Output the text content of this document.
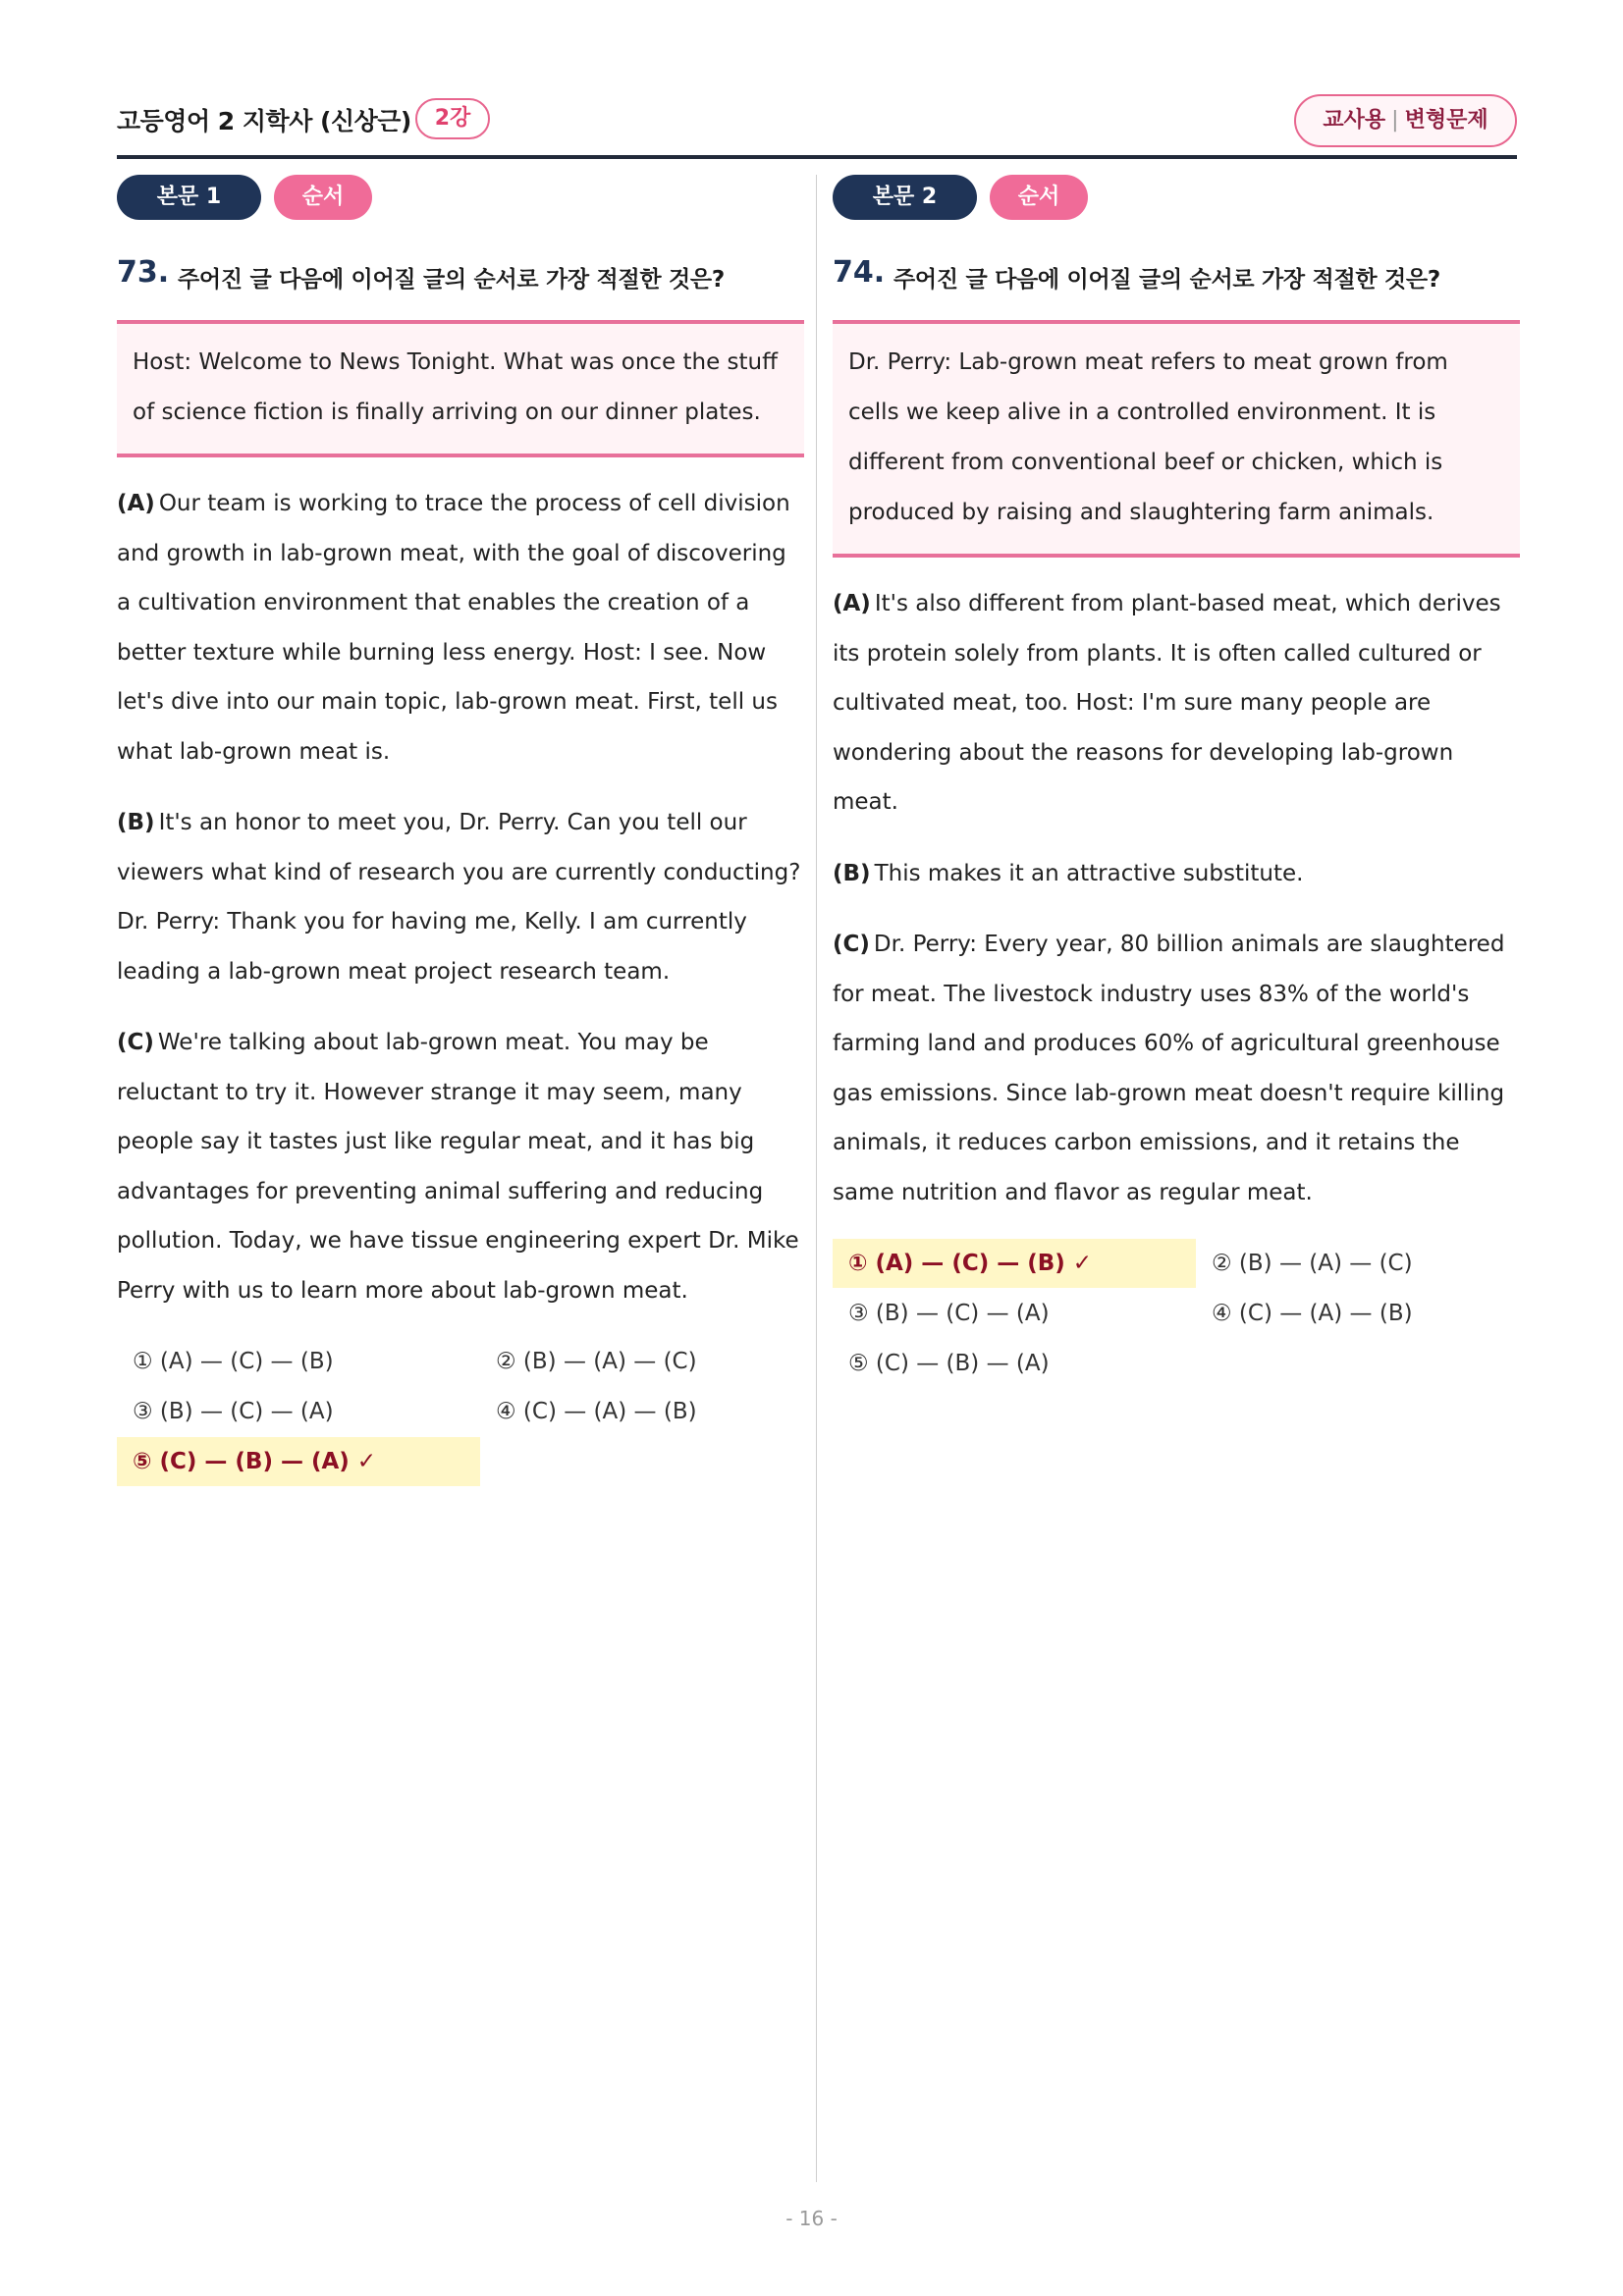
고등영어 2 지학사 (신상근)	2강	교사용 | 변형문제
본문 1	순서
73. 주어진 글 다음에 이어질 글의 순서로 가장 적절한 것은?
Host: Welcome to News Tonight. What was once the stuff of science fiction is finally arriving on our dinner plates.
(A) Our team is working to trace the process of cell division and growth in lab-grown meat, with the goal of discovering a cultivation environment that enables the creation of a better texture while burning less energy. Host: I see. Now let's dive into our main topic, lab-grown meat. First, tell us what lab-grown meat is.
(B) It's an honor to meet you, Dr. Perry. Can you tell our viewers what kind of research you are currently conducting? Dr. Perry: Thank you for having me, Kelly. I am currently leading a lab-grown meat project research team.
(C) We're talking about lab-grown meat. You may be reluctant to try it. However strange it may seem, many people say it tastes just like regular meat, and it has big advantages for preventing animal suffering and reducing pollution. Today, we have tissue engineering expert Dr. Mike Perry with us to learn more about lab-grown meat.
① (A) — (C) — (B)	② (B) — (A) — (C)
③ (B) — (C) — (A)	④ (C) — (A) — (B)
⑤ (C) — (B) — (A) ✓
본문 2	순서
74. 주어진 글 다음에 이어질 글의 순서로 가장 적절한 것은?
Dr. Perry: Lab-grown meat refers to meat grown from cells we keep alive in a controlled environment. It is different from conventional beef or chicken, which is produced by raising and slaughtering farm animals.
(A) It's also different from plant-based meat, which derives its protein solely from plants. It is often called cultured or cultivated meat, too. Host: I'm sure many people are wondering about the reasons for developing lab-grown meat.
(B) This makes it an attractive substitute.
(C) Dr. Perry: Every year, 80 billion animals are slaughtered for meat. The livestock industry uses 83% of the world's farming land and produces 60% of agricultural greenhouse gas emissions. Since lab-grown meat doesn't require killing animals, it reduces carbon emissions, and it retains the same nutrition and flavor as regular meat.
① (A) — (C) — (B) ✓	② (B) — (A) — (C)
③ (B) — (C) — (A)	④ (C) — (A) — (B)
⑤ (C) — (B) — (A)
- 16 -
